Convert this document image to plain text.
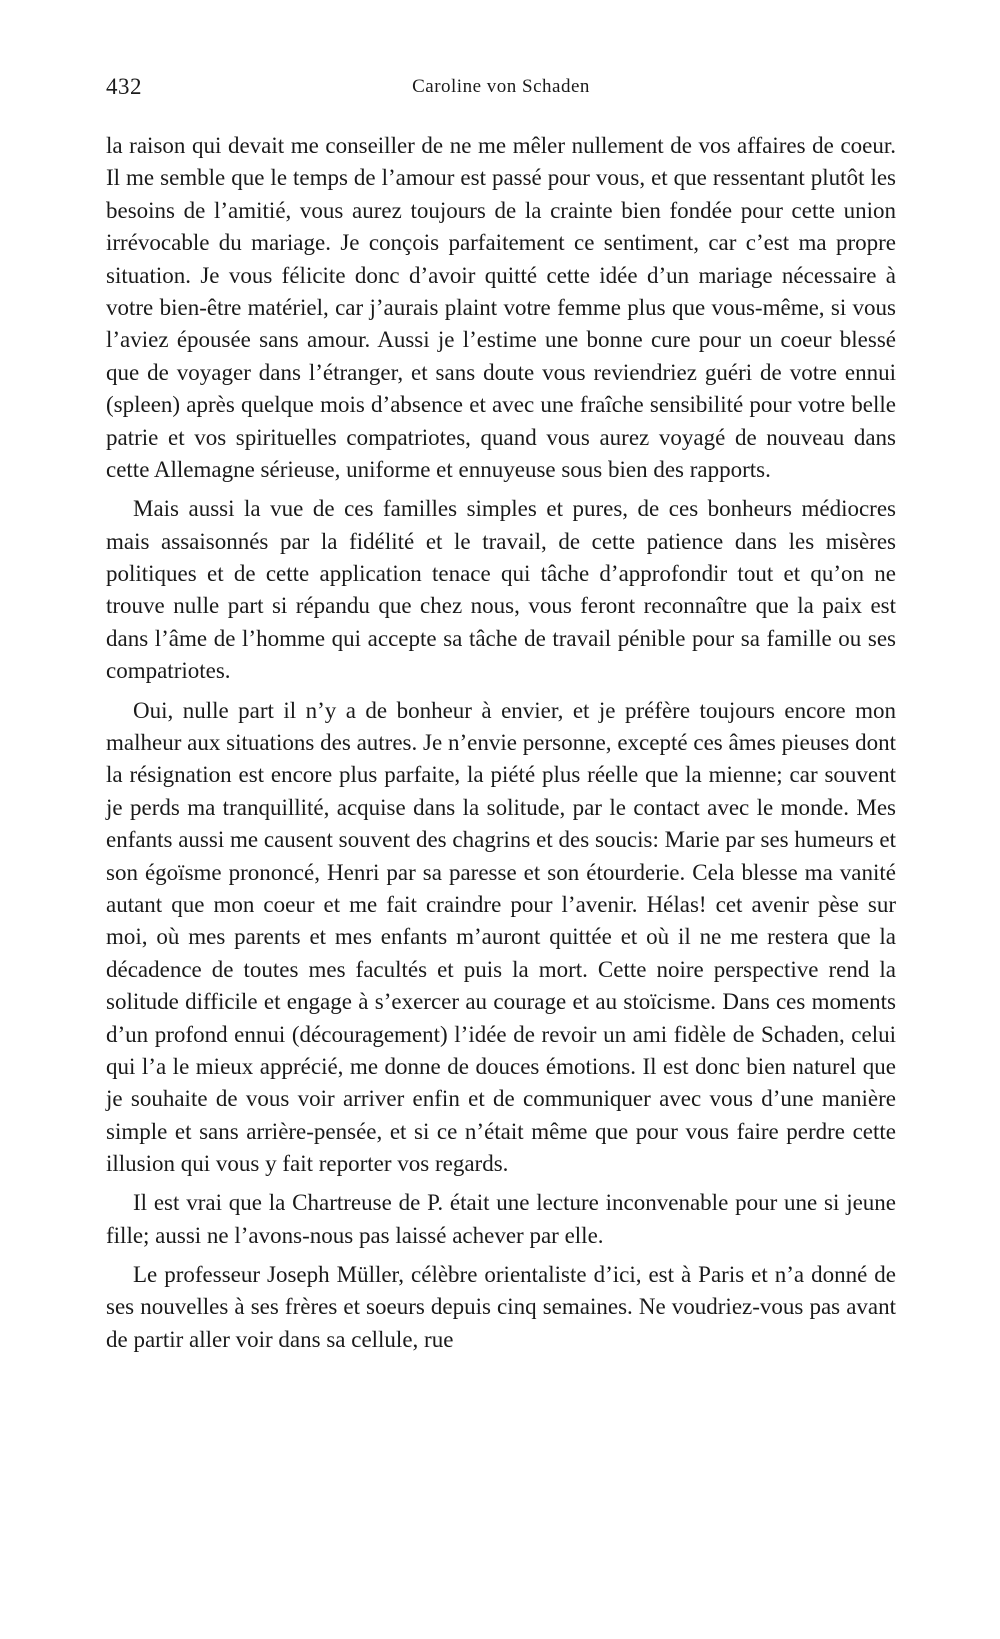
432	Caroline von Schaden

la raison qui devait me conseiller de ne me mêler nullement de vos affaires de coeur. Il me semble que le temps de l’amour est passé pour vous, et que ressentant plutôt les besoins de l’amitié, vous aurez toujours de la crainte bien fondée pour cette union irrévocable du mariage. Je conçois parfaitement ce sentiment, car c’est ma propre situation. Je vous félicite donc d’avoir quitté cette idée d’un mariage nécessaire à votre bien-être matériel, car j’aurais plaint votre femme plus que vous-même, si vous l’aviez épousée sans amour. Aussi je l’estime une bonne cure pour un coeur blessé que de voyager dans l’étranger, et sans doute vous reviendriez guéri de votre ennui (spleen) après quelque mois d’absence et avec une fraîche sensibilité pour votre belle patrie et vos spirituelles compatriotes, quand vous aurez voyagé de nouveau dans cette Allemagne sérieuse, uniforme et ennuyeuse sous bien des rapports.

Mais aussi la vue de ces familles simples et pures, de ces bonheurs médiocres mais assaisonnés par la fidélité et le travail, de cette patience dans les misères politiques et de cette application tenace qui tâche d’approfondir tout et qu’on ne trouve nulle part si répandu que chez nous, vous feront reconnaître que la paix est dans l’âme de l’homme qui accepte sa tâche de travail pénible pour sa famille ou ses compatriotes.

Oui, nulle part il n’y a de bonheur à envier, et je préfère toujours encore mon malheur aux situations des autres. Je n’envie personne, excepté ces âmes pieuses dont la résignation est encore plus parfaite, la piété plus réelle que la mienne; car souvent je perds ma tranquillité, acquise dans la solitude, par le contact avec le monde. Mes enfants aussi me causent souvent des chagrins et des soucis: Marie par ses humeurs et son égoïsme prononcé, Henri par sa paresse et son étourderie. Cela blesse ma vanité autant que mon coeur et me fait craindre pour l’avenir. Hélas! cet avenir pèse sur moi, où mes parents et mes enfants m’auront quittée et où il ne me restera que la décadence de toutes mes facultés et puis la mort. Cette noire perspective rend la solitude difficile et engage à s’exercer au courage et au stoïcisme. Dans ces moments d’un profond ennui (découragement) l’idée de revoir un ami fidèle de Schaden, celui qui l’a le mieux apprécié, me donne de douces émotions. Il est donc bien naturel que je souhaite de vous voir arriver enfin et de communiquer avec vous d’une manière simple et sans arrière-pensée, et si ce n’était même que pour vous faire perdre cette illusion qui vous y fait reporter vos regards.

Il est vrai que la Chartreuse de P. était une lecture inconvenable pour une si jeune fille; aussi ne l’avons-nous pas laissé achever par elle.

Le professeur Joseph Müller, célèbre orientaliste d’ici, est à Paris et n’a donné de ses nouvelles à ses frères et soeurs depuis cinq semaines. Ne voudriez-vous pas avant de partir aller voir dans sa cellule, rue
